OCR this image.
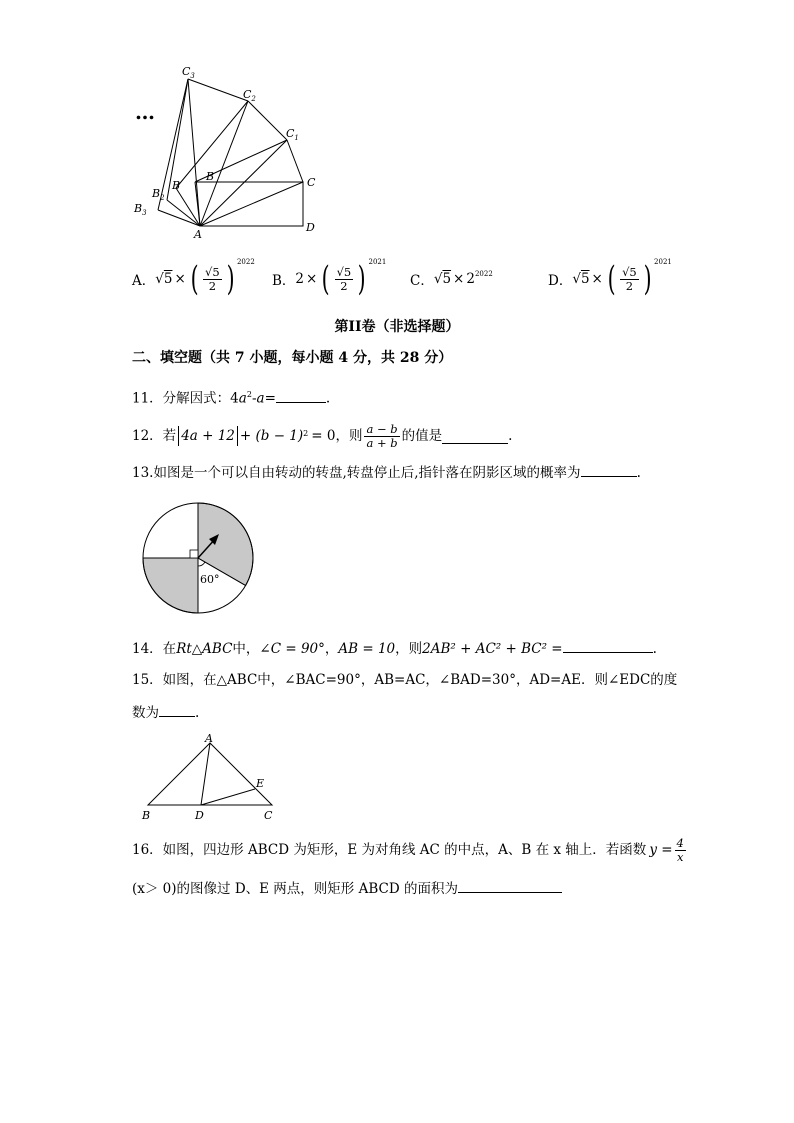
…
$C_3$
$C_2$
$C_1$
C
B
B
$B_2$
$B_3$
A
D
A． √ 5 × ( $\frac{√5}{2}$ ) 2022
B． 2 × ( $\frac{√5}{2}$ ) 2021
C． √ 5 × 2 2022	D． √ 5 × ( $\frac{√5}{2}$ ) 2021
第II卷（非选择题）
二、填空题（共 7 小题，每小题 4 分，共 28 分）
11．分解因式：$4a^2-a=$	.
12．若 4a + 12 + (b − 1) 2 = 0，则 $\frac{a - b}{a + b}$ 的值是	.
13.如图是一个可以自由转动的转盘,转盘停止后,指针落在阴影区域的概率为	.
60°
14．在Rt△ABC中，∠C = 90°，AB = 10，则2AB² + AC² + BC² =	.
15．如图，在△ABC中，∠BAC=90°，AB=AC，∠BAD=30°，AD=AE．则∠EDC的度
数为	.
A
B	D	C
E
16．如图，四边形 ABCD 为矩形，E 为对角线 AC 的中点，A、B 在 x 轴上．若函数 $y = \frac{4}{x}$
(x＞ 0)的图像过 D、E 两点，则矩形 ABCD 的面积为
